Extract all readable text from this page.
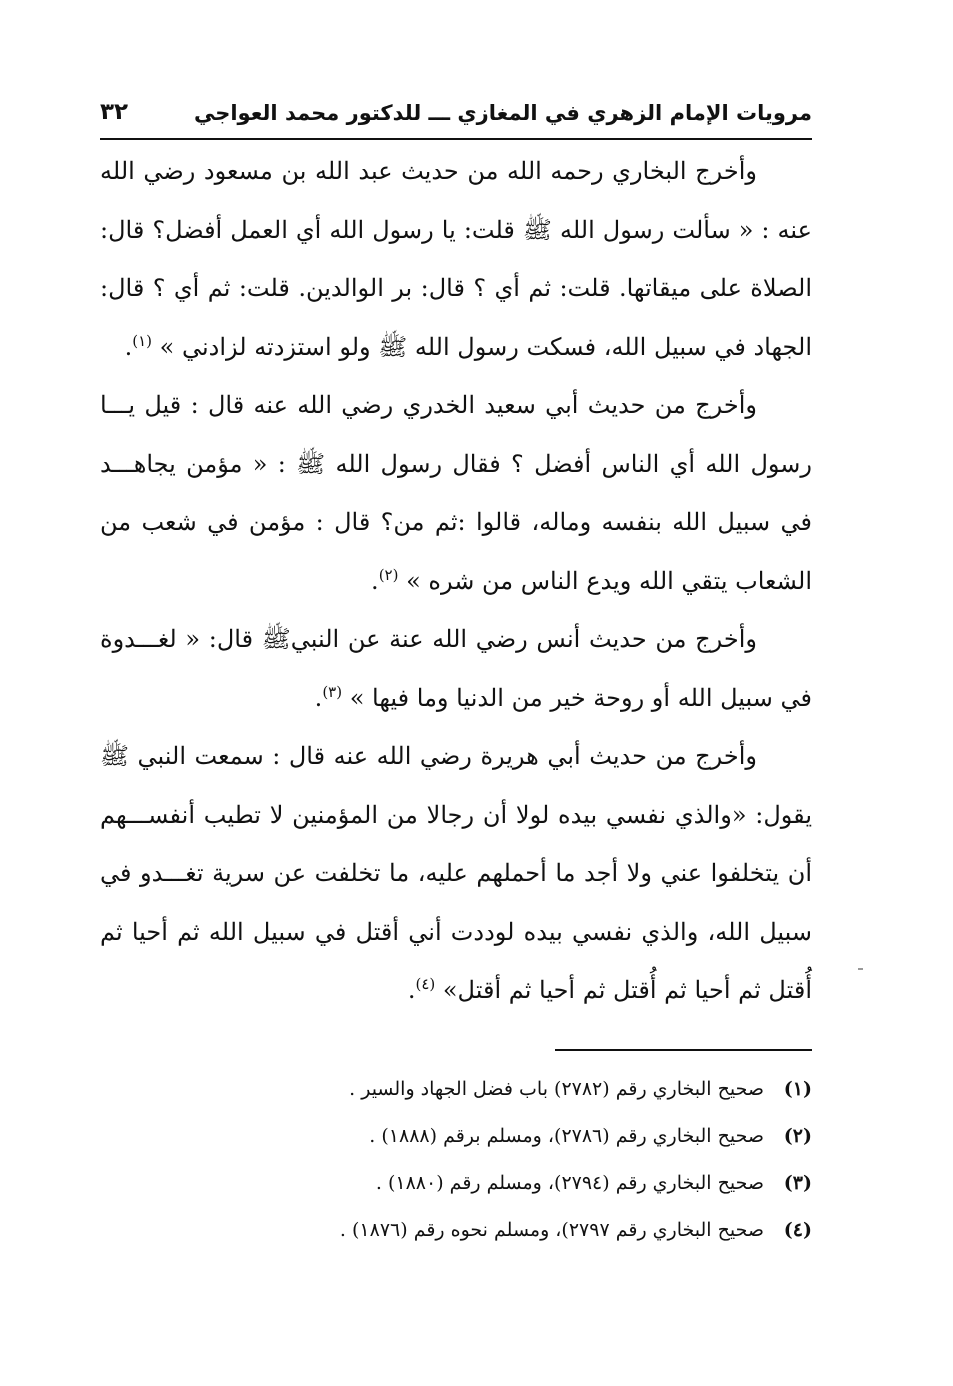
مرويات الإمام الزهري في المغازي ـــ للدكتور محمد العواجي
٣٢

وأخرج البخاري رحمه الله من حديث عبد الله بن مسعود رضي الله عنه : « سألت رسول الله ﷺ قلت: يا رسول الله أي العمل أفضل؟ قال: الصلاة على ميقاتها. قلت: ثم أي ؟ قال: بر الوالدين. قلت: ثم أي ؟ قال: الجهاد في سبيل الله، فسكت رسول الله ﷺ ولو استزدته لزادني » $^{(١)}$.

وأخرج من حديث أبي سعيد الخدري رضي الله عنه قال : قيل يـــا رسول الله أي الناس أفضل ؟ فقال رسول الله ﷺ : « مؤمن يجاهـــد في سبيل الله بنفسه وماله، قالوا :ثم من؟ قال : مؤمن في شعب من الشعاب يتقي الله ويدع الناس من شره » $^{(٢)}$.

وأخرج من حديث أنس رضي الله عنة عن النبيﷺ قال: « لغـــدوة في سبيل الله أو روحة خير من الدنيا وما فيها » $^{(٣)}$.

وأخرج من حديث أبي هريرة رضي الله عنه قال : سمعت النبي ﷺ يقول: «والذي نفسي بيده لولا أن رجالا من المؤمنين لا تطيب أنفســـهم أن يتخلفوا عني ولا أجد ما أحملهم عليه، ما تخلفت عن سرية تغـــدو في سبيل الله، والذي نفسي بيده لوددت أني أقتل في سبيل الله ثم أحيا ثم أُقتل ثم أحيا ثم أُقتل ثم أحيا ثم أقتل» $^{(٤)}$.

(١)
صحيح البخاري رقم (٢٧٨٢) باب فضل الجهاد والسير .
(٢)
صحيح البخاري رقم (٢٧٨٦)، ومسلم برقم (١٨٨٨) .
(٣)
صحيح البخاري رقم (٢٧٩٤)، ومسلم رقم (١٨٨٠) .
(٤)
صحيح البخاري رقم ٢٧٩٧)، ومسلم نحوه رقم (١٨٧٦) .
